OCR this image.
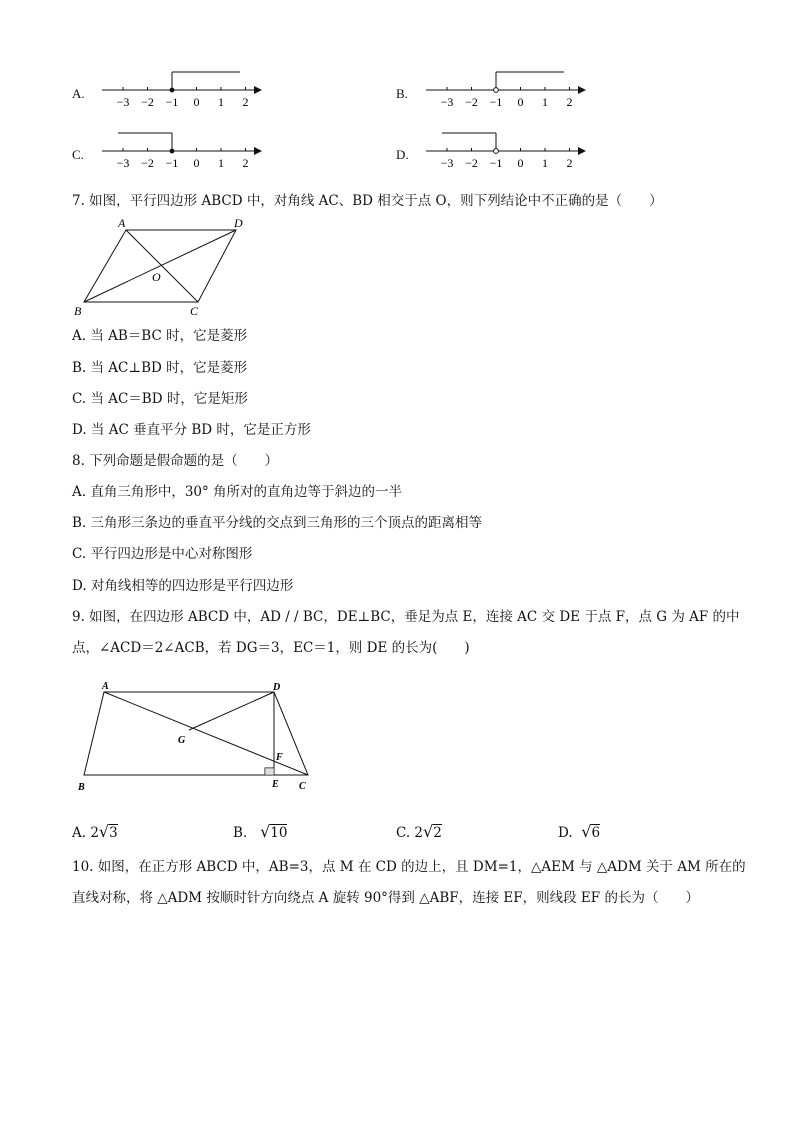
A.	B.
C.	D.
−3 −2 −1 0 1 2	−3 −2 −1 0 1 2
−3 −2 −1 0 1 2	−3 −2 −1 0 1 2
7. 如图，平行四边形 ABCD 中，对角线 AC、BD 相交于点 O，则下列结论中不正确的是（　　）
A	D
B	C
O
A. 当 AB＝BC 时，它是菱形
B. 当 AC⊥BD 时，它是菱形
C. 当 AC＝BD 时，它是矩形
D. 当 AC 垂直平分 BD 时，它是正方形
8. 下列命题是假命题的是（　　）
A. 直角三角形中，30° 角所对的直角边等于斜边的一半
B. 三角形三条边的垂直平分线的交点到三角形的三个顶点的距离相等
C. 平行四边形是中心对称图形
D. 对角线相等的四边形是平行四边形
9. 如图，在四边形 ABCD 中，AD / / BC，DE⊥BC，垂足为点 E，连接 AC 交 DE 于点 F，点 G 为 AF 的中
点，∠ACD＝2∠ACB，若 DG＝3，EC＝1，则 DE 的长为(　　)
A	D
B	C
E
F
G
A. 2√3	B. √10	C. 2√2	D. √6
10. 如图，在正方形 ABCD 中，AB=3，点 M 在 CD 的边上，且 DM=1，△AEM 与 △ADM 关于 AM 所在的
直线对称，将 △ADM 按顺时针方向绕点 A 旋转 90°得到 △ABF，连接 EF，则线段 EF 的长为（　　）
